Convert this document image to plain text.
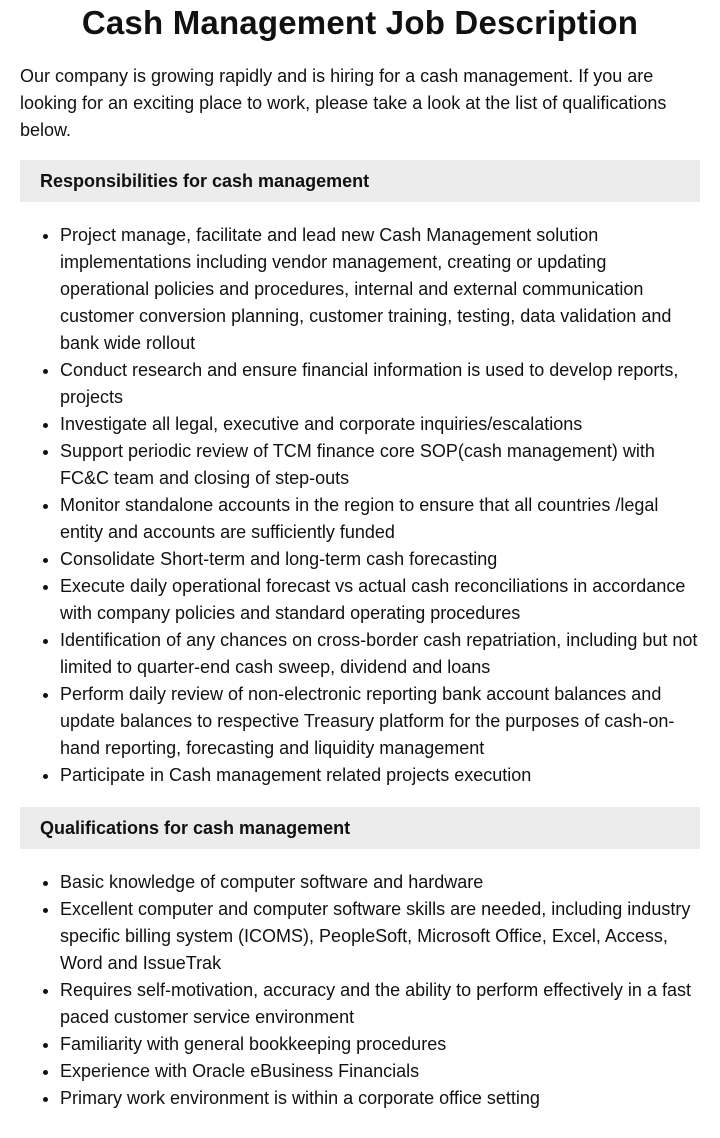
Cash Management Job Description

Our company is growing rapidly and is hiring for a cash management. If you are looking for an exciting place to work, please take a look at the list of qualifications below.

Responsibilities for cash management
• Project manage, facilitate and lead new Cash Management solution implementations including vendor management, creating or updating operational policies and procedures, internal and external communication customer conversion planning, customer training, testing, data validation and bank wide rollout
• Conduct research and ensure financial information is used to develop reports, projects
• Investigate all legal, executive and corporate inquiries/escalations
• Support periodic review of TCM finance core SOP(cash management) with FC&C team and closing of step-outs
• Monitor standalone accounts in the region to ensure that all countries /legal entity and accounts are sufficiently funded
• Consolidate Short-term and long-term cash forecasting
• Execute daily operational forecast vs actual cash reconciliations in accordance with company policies and standard operating procedures
• Identification of any chances on cross-border cash repatriation, including but not limited to quarter-end cash sweep, dividend and loans
• Perform daily review of non-electronic reporting bank account balances and update balances to respective Treasury platform for the purposes of cash-on-hand reporting, forecasting and liquidity management
• Participate in Cash management related projects execution
Qualifications for cash management
• Basic knowledge of computer software and hardware
• Excellent computer and computer software skills are needed, including industry specific billing system (ICOMS), PeopleSoft, Microsoft Office, Excel, Access, Word and IssueTrak
• Requires self-motivation, accuracy and the ability to perform effectively in a fast paced customer service environment
• Familiarity with general bookkeeping procedures
• Experience with Oracle eBusiness Financials
• Primary work environment is within a corporate office setting
